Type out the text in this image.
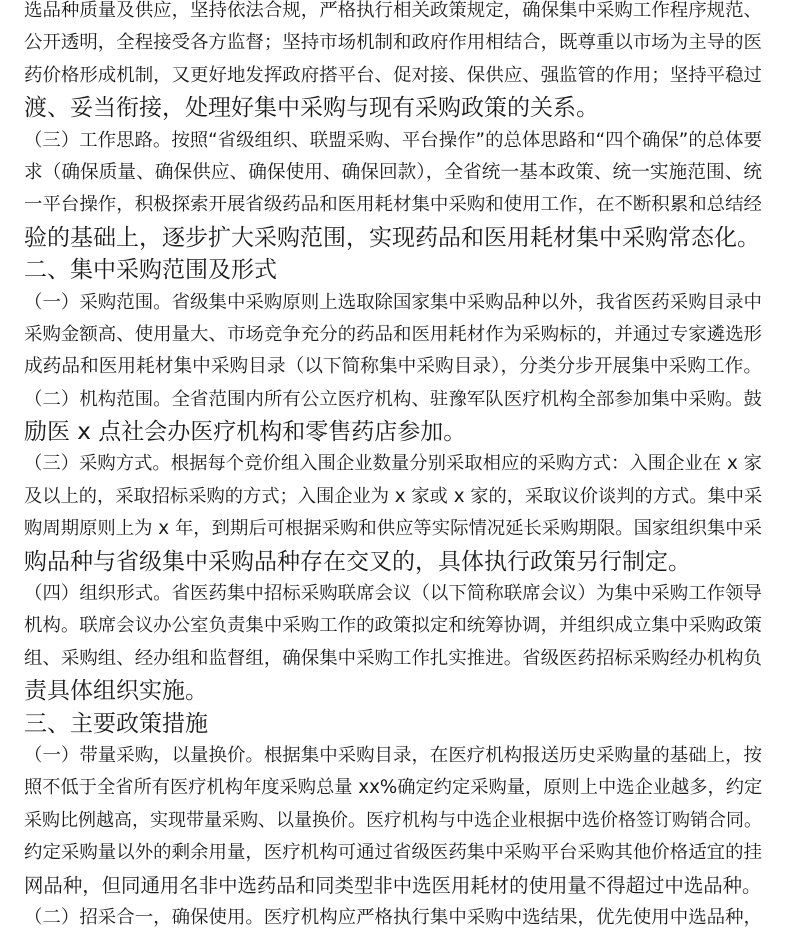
选品种质量及供应，坚持依法合规，严格执行相关政策规定，确保集中采购工作程序规范、
公开透明，全程接受各方监督；坚持市场机制和政府作用相结合，既尊重以市场为主导的医
药价格形成机制，又更好地发挥政府搭平台、促对接、保供应、强监管的作用；坚持平稳过
渡、妥当衔接，处理好集中采购与现有采购政策的关系。
（三）工作思路。按照“省级组织、联盟采购、平台操作”的总体思路和“四个确保”的总体要
求（确保质量、确保供应、确保使用、确保回款），全省统一基本政策、统一实施范围、统
一平台操作，积极探索开展省级药品和医用耗材集中采购和使用工作，在不断积累和总结经
验的基础上，逐步扩大采购范围，实现药品和医用耗材集中采购常态化。
二、集中采购范围及形式
（一）采购范围。省级集中采购原则上选取除国家集中采购品种以外，我省医药采购目录中
采购金额高、使用量大、市场竞争充分的药品和医用耗材作为采购标的，并通过专家遴选形
成药品和医用耗材集中采购目录（以下简称集中采购目录），分类分步开展集中采购工作。
（二）机构范围。全省范围内所有公立医疗机构、驻豫军队医疗机构全部参加集中采购。鼓
励医 x 点社会办医疗机构和零售药店参加。
（三）采购方式。根据每个竞价组入围企业数量分别采取相应的采购方式：入围企业在 x 家
及以上的，采取招标采购的方式；入围企业为 x 家或 x 家的，采取议价谈判的方式。集中采
购周期原则上为 x 年，到期后可根据采购和供应等实际情况延长采购期限。国家组织集中采
购品种与省级集中采购品种存在交叉的，具体执行政策另行制定。
（四）组织形式。省医药集中招标采购联席会议（以下简称联席会议）为集中采购工作领导
机构。联席会议办公室负责集中采购工作的政策拟定和统筹协调，并组织成立集中采购政策
组、采购组、经办组和监督组，确保集中采购工作扎实推进。省级医药招标采购经办机构负
责具体组织实施。
三、主要政策措施
（一）带量采购，以量换价。根据集中采购目录，在医疗机构报送历史采购量的基础上，按
照不低于全省所有医疗机构年度采购总量 xx%确定约定采购量，原则上中选企业越多，约定
采购比例越高，实现带量采购、以量换价。医疗机构与中选企业根据中选价格签订购销合同。
约定采购量以外的剩余用量，医疗机构可通过省级医药集中采购平台采购其他价格适宜的挂
网品种，但同通用名非中选药品和同类型非中选医用耗材的使用量不得超过中选品种。
（二）招采合一，确保使用。医疗机构应严格执行集中采购中选结果，优先使用中选品种，
